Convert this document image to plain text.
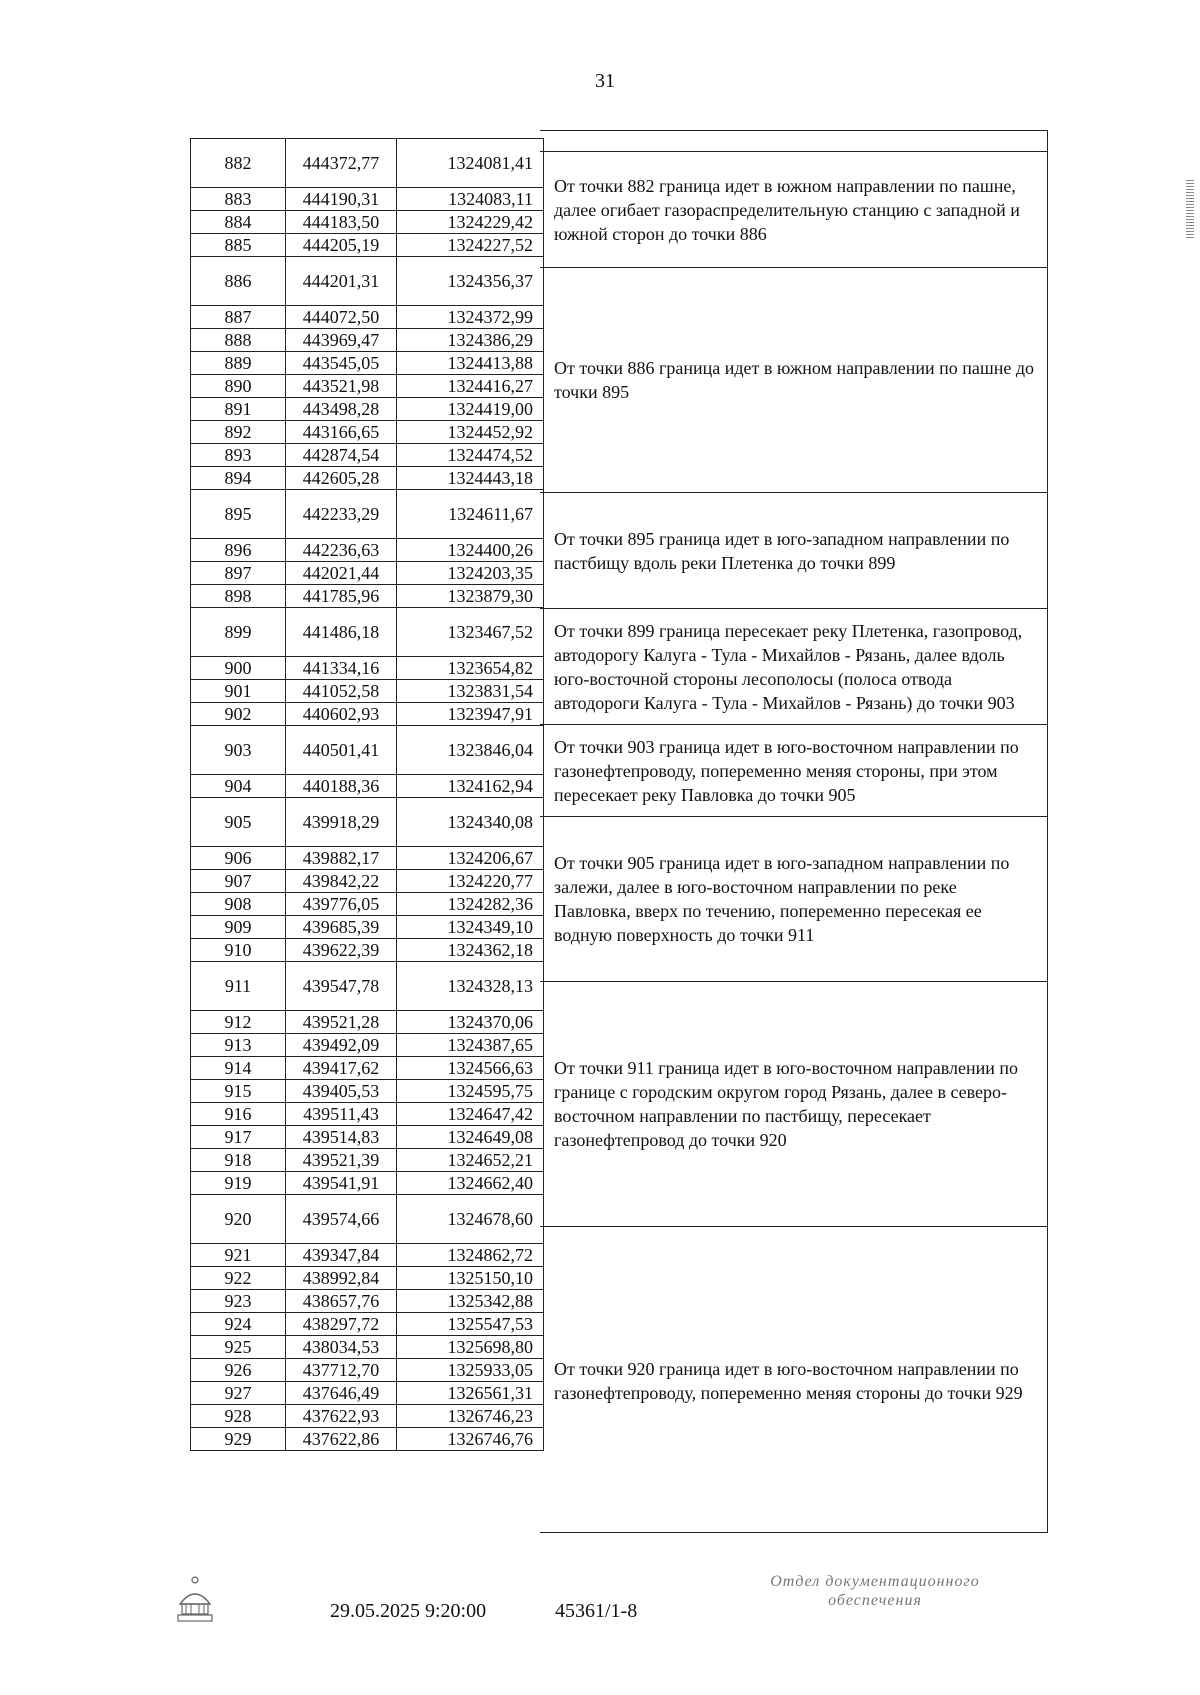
31
882	444372,77	1324081,41
883	444190,31	1324083,11
884	444183,50	1324229,42
885	444205,19	1324227,52
886	444201,31	1324356,37
887	444072,50	1324372,99
888	443969,47	1324386,29
889	443545,05	1324413,88
890	443521,98	1324416,27
891	443498,28	1324419,00
892	443166,65	1324452,92
893	442874,54	1324474,52
894	442605,28	1324443,18
895	442233,29	1324611,67
896	442236,63	1324400,26
897	442021,44	1324203,35
898	441785,96	1323879,30
899	441486,18	1323467,52
900	441334,16	1323654,82
901	441052,58	1323831,54
902	440602,93	1323947,91
903	440501,41	1323846,04
904	440188,36	1324162,94
905	439918,29	1324340,08
906	439882,17	1324206,67
907	439842,22	1324220,77
908	439776,05	1324282,36
909	439685,39	1324349,10
910	439622,39	1324362,18
911	439547,78	1324328,13
912	439521,28	1324370,06
913	439492,09	1324387,65
914	439417,62	1324566,63
915	439405,53	1324595,75
916	439511,43	1324647,42
917	439514,83	1324649,08
918	439521,39	1324652,21
919	439541,91	1324662,40
920	439574,66	1324678,60
921	439347,84	1324862,72
922	438992,84	1325150,10
923	438657,76	1325342,88
924	438297,72	1325547,53
925	438034,53	1325698,80
926	437712,70	1325933,05
927	437646,49	1326561,31
928	437622,93	1326746,23
929	437622,86	1326746,76
От точки 882 граница идет в южном направлении по пашне, далее огибает газораспределительную станцию с западной и южной сторон до точки 886
От точки 886 граница идет в южном направлении по пашне до точки 895
От точки 895 граница идет в юго-западном направлении по пастбищу вдоль реки Плетенка до точки 899
От точки 899 граница пересекает реку Плетенка, газопровод, автодорогу Калуга - Тула - Михайлов - Рязань, далее вдоль юго-восточной стороны лесополосы (полоса отвода автодороги Калуга - Тула - Михайлов - Рязань) до точки 903
От точки 903 граница идет в юго-восточном направлении по газонефтепроводу, попеременно меняя стороны, при этом пересекает реку Павловка до точки 905
От точки 905 граница идет в юго-западном направлении по залежи, далее в юго-восточном направлении по реке Павловка, вверх по течению, попеременно пересекая ее водную поверхность до точки 911
От точки 911 граница идет в юго-восточном направлении по границе с городским округом город Рязань, далее в северо-восточном направлении по пастбищу, пересекает газонефтепровод до точки 920
От точки 920 граница идет в юго-восточном направлении по газонефтепроводу, попеременно меняя стороны до точки 929
29.05.2025 9:20:00	45361/1-8
Отдел документационного
обеспечения
